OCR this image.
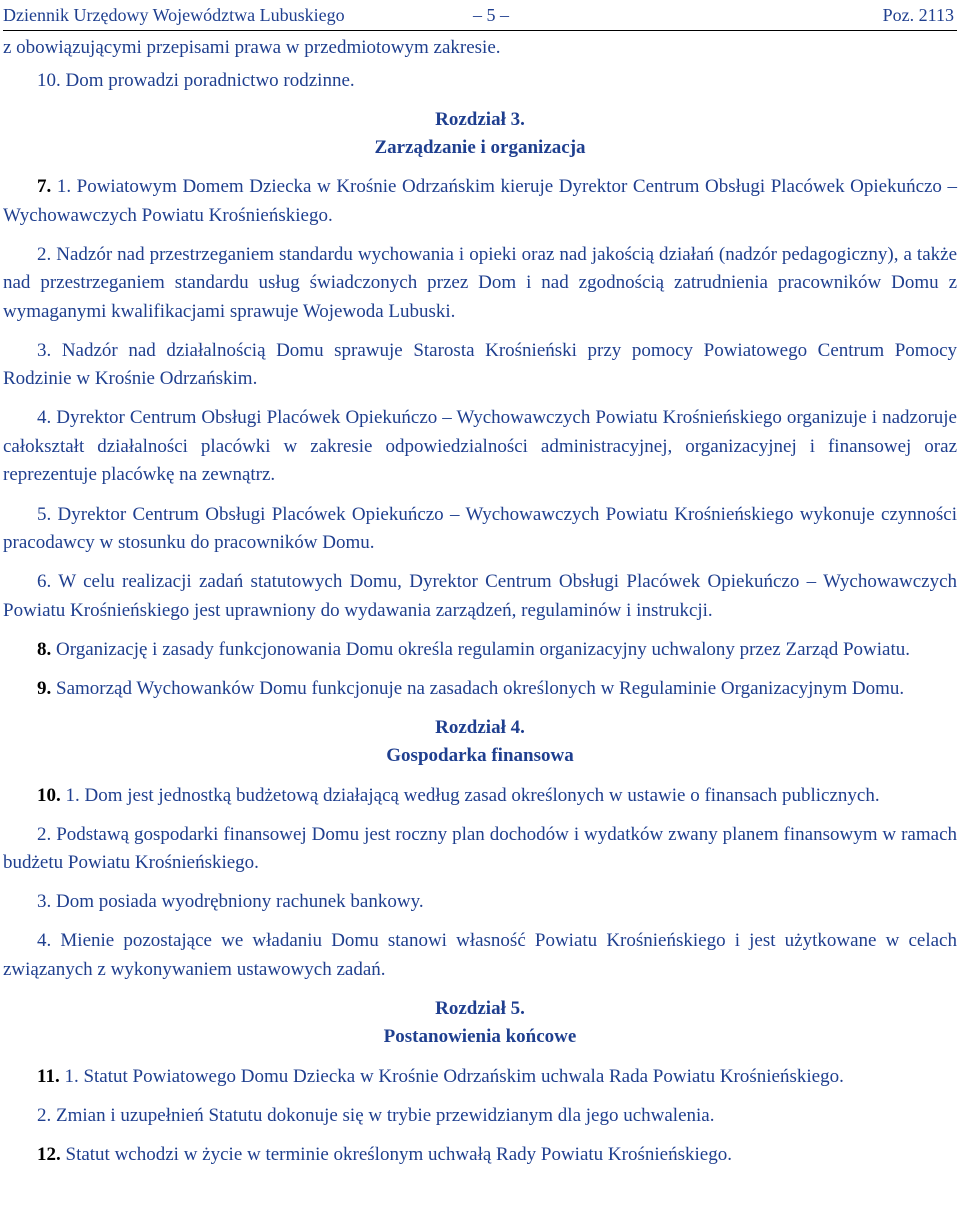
Dziennik Urzędowy Województwa Lubuskiego	– 5 –	Poz. 2113

z obowiązującymi przepisami prawa w przedmiotowym zakresie.

10. Dom prowadzi poradnictwo rodzinne.

Rozdział 3.

Zarządzanie i organizacja

7. 1. Powiatowym Domem Dziecka w Krośnie Odrzańskim kieruje Dyrektor Centrum Obsługi Placówek Opiekuńczo – Wychowawczych Powiatu Krośnieńskiego.

2. Nadzór nad przestrzeganiem standardu wychowania i opieki oraz nad jakością działań (nadzór pedagogiczny), a także nad przestrzeganiem standardu usług świadczonych przez Dom i nad zgodnością zatrudnienia pracowników Domu z wymaganymi kwalifikacjami sprawuje Wojewoda Lubuski.

3. Nadzór nad działalnością Domu sprawuje Starosta Krośnieński przy pomocy Powiatowego Centrum Pomocy Rodzinie w Krośnie Odrzańskim.

4. Dyrektor Centrum Obsługi Placówek Opiekuńczo – Wychowawczych Powiatu Krośnieńskiego organizuje i nadzoruje całokształt działalności placówki w zakresie odpowiedzialności administracyjnej, organizacyjnej i finansowej oraz reprezentuje placówkę na zewnątrz.

5. Dyrektor Centrum Obsługi Placówek Opiekuńczo – Wychowawczych Powiatu Krośnieńskiego wykonuje czynności pracodawcy w stosunku do pracowników Domu.

6. W celu realizacji zadań statutowych Domu, Dyrektor Centrum Obsługi Placówek Opiekuńczo – Wychowawczych Powiatu Krośnieńskiego jest uprawniony do wydawania zarządzeń, regulaminów i instrukcji.

8. Organizację i zasady funkcjonowania Domu określa regulamin organizacyjny uchwalony przez Zarząd Powiatu.

9. Samorząd Wychowanków Domu funkcjonuje na zasadach określonych w Regulaminie Organizacyjnym Domu.

Rozdział 4.

Gospodarka finansowa

10. 1. Dom jest jednostką budżetową działającą według zasad określonych w ustawie o finansach publicznych.

2. Podstawą gospodarki finansowej Domu jest roczny plan dochodów i wydatków zwany planem finansowym w ramach budżetu Powiatu Krośnieńskiego.

3. Dom posiada wyodrębniony rachunek bankowy.

4. Mienie pozostające we władaniu Domu stanowi własność Powiatu Krośnieńskiego i jest użytkowane w celach związanych z wykonywaniem ustawowych zadań.

Rozdział 5.

Postanowienia końcowe

11. 1. Statut Powiatowego Domu Dziecka w Krośnie Odrzańskim uchwala Rada Powiatu Krośnieńskiego.

2. Zmian i uzupełnień Statutu dokonuje się w trybie przewidzianym dla jego uchwalenia.

12. Statut wchodzi w życie w terminie określonym uchwałą Rady Powiatu Krośnieńskiego.
